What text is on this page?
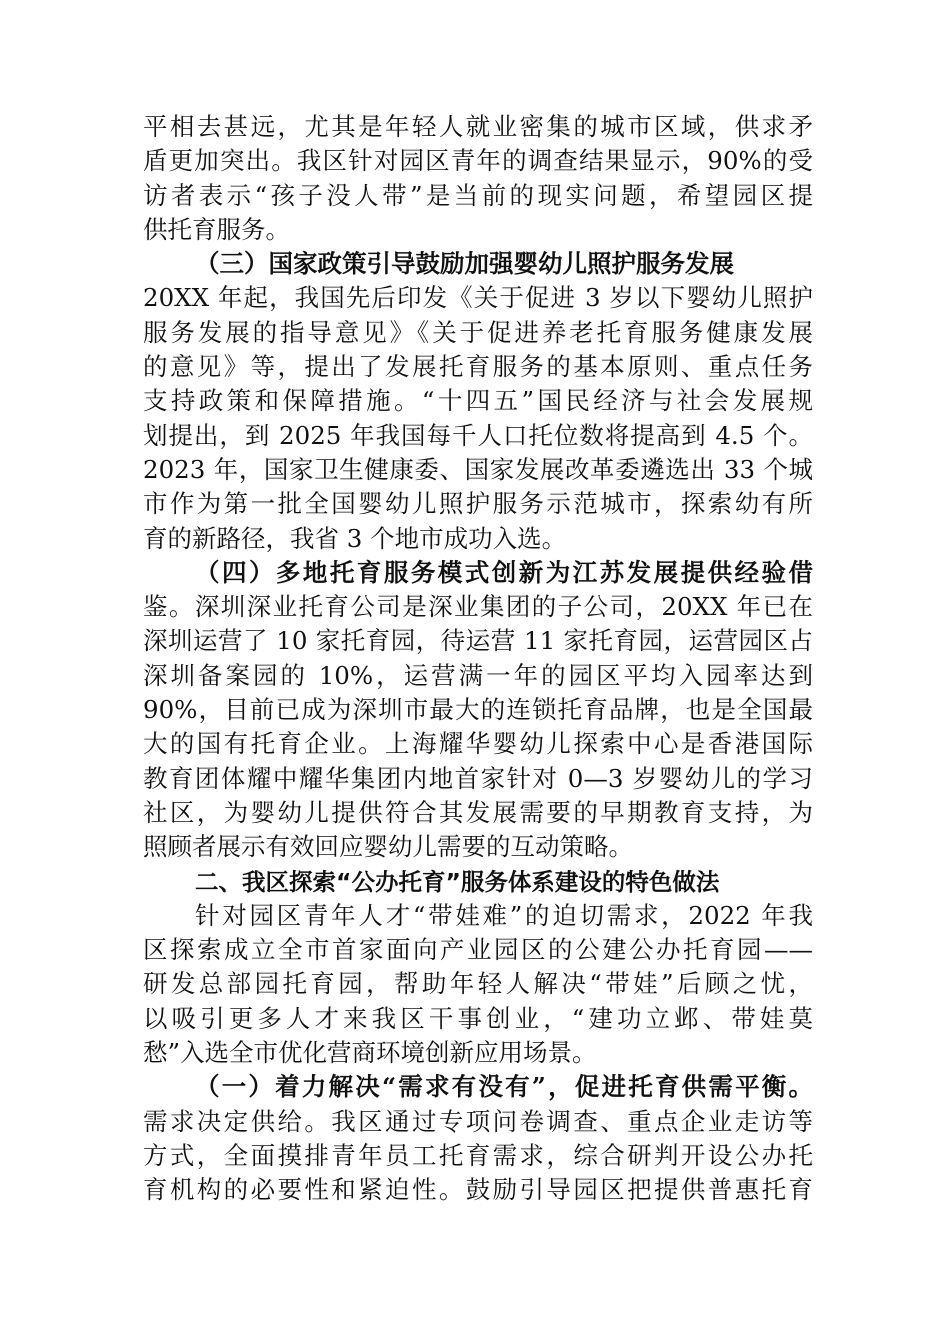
平相去甚远，尤其是年轻人就业密集的城市区域，供求矛
盾更加突出。我区针对园区青年的调查结果显示，90%的受
访者表示“孩子没人带”是当前的现实问题，希望园区提
供托育服务。
（三）国家政策引导鼓励加强婴幼儿照护服务发展
20XX 年起，我国先后印发《关于促进 3 岁以下婴幼儿照护
服务发展的指导意见》《关于促进养老托育服务健康发展
的意见》等，提出了发展托育服务的基本原则、重点任务
支持政策和保障措施。“十四五”国民经济与社会发展规
划提出，到 2025 年我国每千人口托位数将提高到 4.5 个。
2023 年，国家卫生健康委、国家发展改革委遴选出 33 个城
市作为第一批全国婴幼儿照护服务示范城市，探索幼有所
育的新路径，我省 3 个地市成功入选。
（四）多地托育服务模式创新为江苏发展提供经验借
鉴。深圳深业托育公司是深业集团的子公司，20XX 年已在
深圳运营了 10 家托育园，待运营 11 家托育园，运营园区占
深圳备案园的 10%，运营满一年的园区平均入园率达到
90%，目前已成为深圳市最大的连锁托育品牌，也是全国最
大的国有托育企业。上海耀华婴幼儿探索中心是香港国际
教育团体耀中耀华集团内地首家针对 0—3 岁婴幼儿的学习
社区，为婴幼儿提供符合其发展需要的早期教育支持，为
照顾者展示有效回应婴幼儿需要的互动策略。
二、我区探索“公办托育”服务体系建设的特色做法
针对园区青年人才“带娃难”的迫切需求，2022 年我
区探索成立全市首家面向产业园区的公建公办托育园——
研发总部园托育园，帮助年轻人解决“带娃”后顾之忧，
以吸引更多人才来我区干事创业，“建功立邺、带娃莫
愁”入选全市优化营商环境创新应用场景。
（一）着力解决“需求有没有”，促进托育供需平衡。
需求决定供给。我区通过专项问卷调查、重点企业走访等
方式，全面摸排青年员工托育需求，综合研判开设公办托
育机构的必要性和紧迫性。鼓励引导园区把提供普惠托育
